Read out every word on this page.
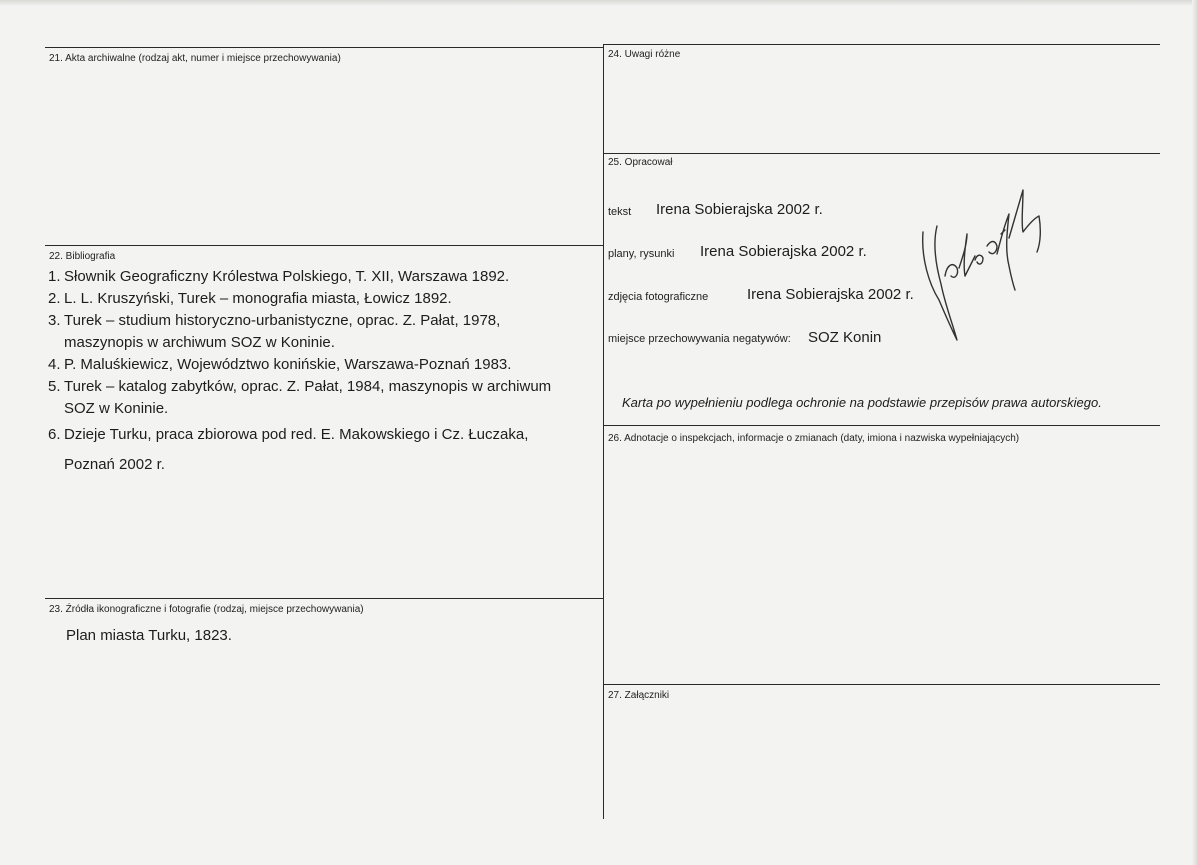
21. Akta archiwalne (rodzaj akt, numer i miejsce przechowywania)
22. Bibliografia
1. Słownik Geograficzny Królestwa Polskiego, T. XII, Warszawa 1892.
2. L. L. Kruszyński, Turek – monografia miasta, Łowicz 1892.
3. Turek – studium historyczno-urbanistyczne, oprac. Z. Pałat, 1978,
maszynopis w archiwum SOZ w Koninie.
4. P. Maluśkiewicz, Województwo konińskie, Warszawa-Poznań 1983.
5. Turek – katalog zabytków, oprac. Z. Pałat, 1984, maszynopis w archiwum
SOZ w Koninie.
6. Dzieje Turku, praca zbiorowa pod red. E. Makowskiego i Cz. Łuczaka,
Poznań 2002 r.
23. Źródła ikonograficzne i fotografie (rodzaj, miejsce przechowywania)
Plan miasta Turku, 1823.
24. Uwagi różne
25. Opracował
tekst Irena Sobierajska 2002 r.
plany, rysunki Irena Sobierajska 2002 r.
zdjęcia fotograficzne	Irena Sobierajska 2002 r.
miejsce przechowywania negatywów: SOZ Konin
Karta po wypełnieniu podlega ochronie na podstawie przepisów prawa autorskiego.
26. Adnotacje o inspekcjach, informacje o zmianach (daty, imiona i nazwiska wypełniających)
27. Załączniki
